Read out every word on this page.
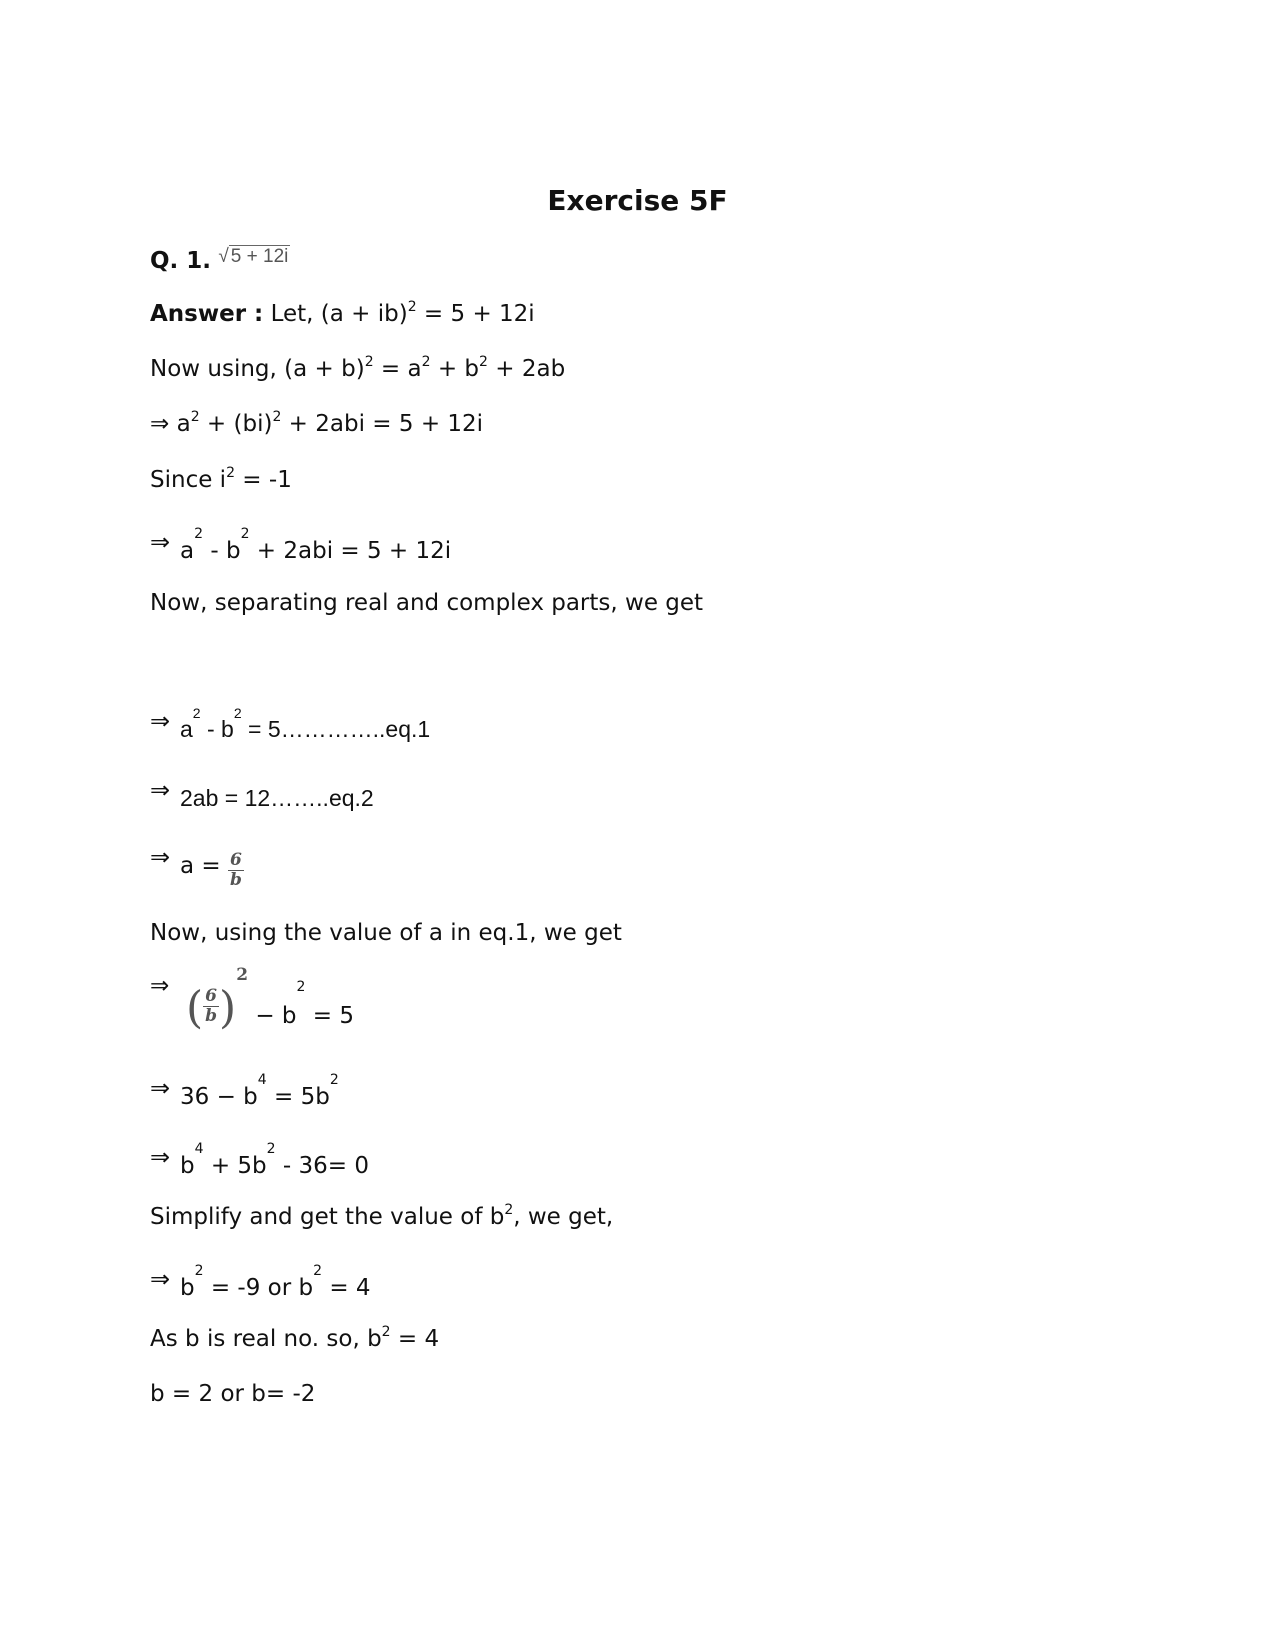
Exercise 5F
Q. 1. √ 5 + 12i
Answer : Let, (a + ib)$^2$ = 5 + 12i
Now using, $(a + b)^2 = a^2 + b^2 + 2ab$
⇒ $a^2 + (bi)^2 + 2abi = 5 + 12i$
Since $i^2 = -1$
⇒ $a^2 - b^2 + 2abi = 5 + 12i$
Now, separating real and complex parts, we get
⇒ $a^2 - b^2$ = 5…………..eq.1
⇒ 2ab = 12……..eq.2
⇒ $a = \frac{6}{b}$
Now, using the value of a in eq.1, we get
⇒ ( $\frac{6}{b} )^2 - b^2 = 5$
⇒ $36 - b^4 = 5b^2$
⇒ $b^4 + 5b^2 - 36= 0$
Simplify and get the value of $b^2$, we get,
⇒ $b^2 = -9$ or $b^2 = 4$
As b is real no. so, $b^2 = 4$
b = 2 or b= -2
